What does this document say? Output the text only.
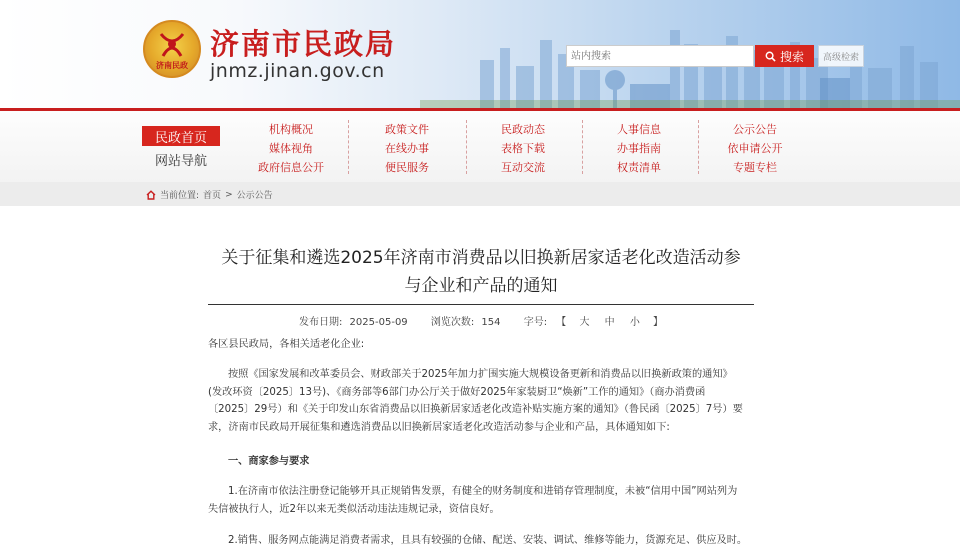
济南民政
济南市民政局
jnmz.jinan.gov.cn
站内搜索
搜索	高级检索
民政首页
网站导航
机构概况
媒体视角
政府信息公开
政策文件
在线办事
便民服务
民政动态
表格下载
互动交流
人事信息
办事指南
权责清单
公示公告
依申请公开
专题专栏
当前位置: 首页 > 公示公告
关于征集和遴选2025年济南市消费品以旧换新居家适老化改造活动参
与企业和产品的通知
发布日期: 2025-05-09 浏览次数: 154 字号: 【 大 中 小 】
各区县民政局，各相关适老化企业:
按照《国家发展和改革委员会、财政部关于2025年加力扩围实施大规模设备更新和消费品以旧换新政策的通知》
(发改环资〔2025〕13号)、《商务部等6部门办公厅关于做好2025年家装厨卫“焕新”工作的通知》（商办消费函
〔2025〕29号）和《关于印发山东省消费品以旧换新居家适老化改造补贴实施方案的通知》（鲁民函〔2025〕7号）要
求，济南市民政局开展征集和遴选消费品以旧换新居家适老化改造活动参与企业和产品，具体通知如下:
一、商家参与要求
1.在济南市依法注册登记能够开具正规销售发票，有健全的财务制度和进销存管理制度，未被“信用中国”网站列为
失信被执行人，近2年以来无类似活动违法违规记录，资信良好。
2.销售、服务网点能满足消费者需求，且具有较强的仓储、配送、安装、调试、维修等能力，货源充足、供应及时。
